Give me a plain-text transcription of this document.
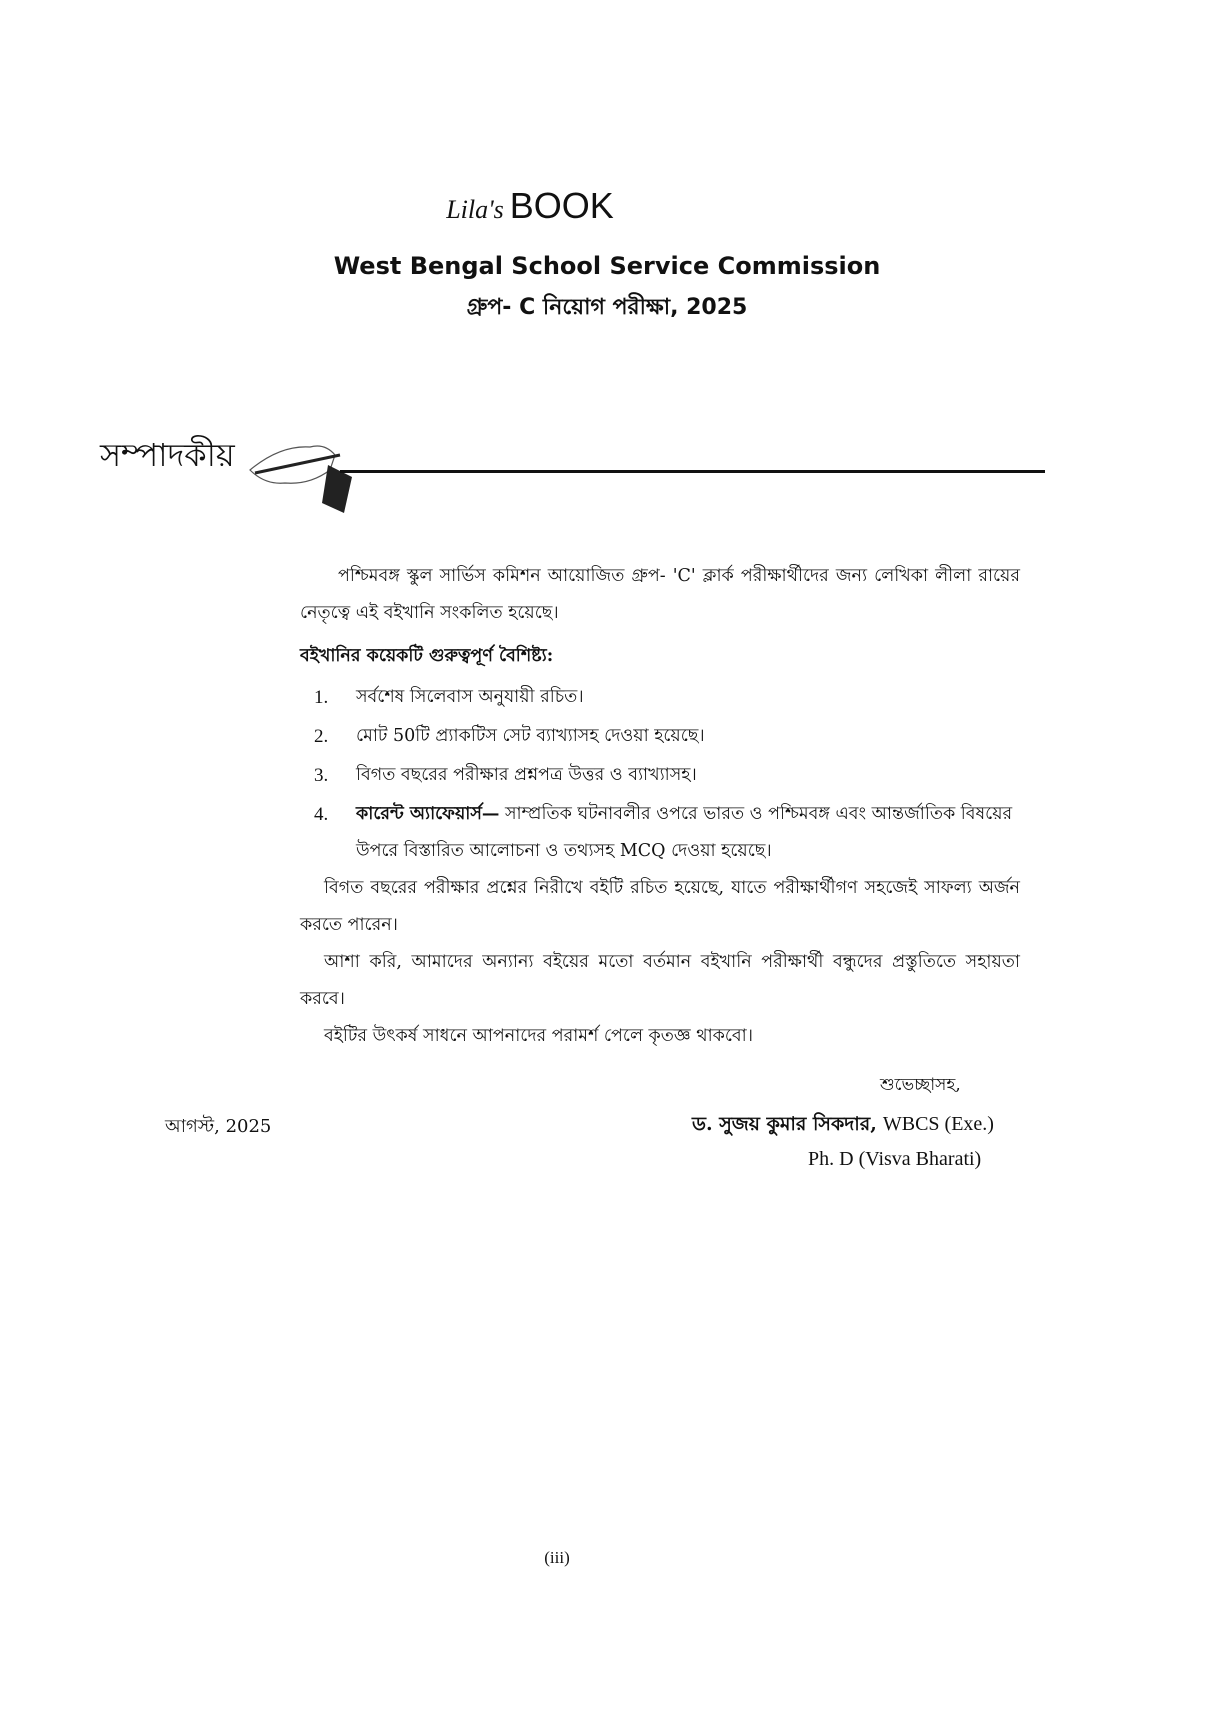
Lila's BOOK
West Bengal School Service Commission
গ্রুপ- C নিয়োগ পরীক্ষা, 2025
সম্পাদকীয়

পশ্চিমবঙ্গ স্কুল সার্ভিস কমিশন আয়োজিত গ্রুপ- 'C' ক্লার্ক পরীক্ষার্থীদের জন্য লেখিকা লীলা রায়ের নেতৃত্বে এই বইখানি সংকলিত হয়েছে।

বইখানির কয়েকটি গুরুত্বপূর্ণ বৈশিষ্ট্য:

1. সর্বশেষ সিলেবাস অনুযায়ী রচিত।
2. মোট 50টি প্র্যাকটিস সেট ব্যাখ্যাসহ দেওয়া হয়েছে।
3. বিগত বছরের পরীক্ষার প্রশ্নপত্র উত্তর ও ব্যাখ্যাসহ।
4. কারেন্ট অ্যাফেয়ার্স— সাম্প্রতিক ঘটনাবলীর ওপরে ভারত ও পশ্চিমবঙ্গ এবং আন্তর্জাতিক বিষয়ের উপরে বিস্তারিত আলোচনা ও তথ্যসহ MCQ দেওয়া হয়েছে।

বিগত বছরের পরীক্ষার প্রশ্নের নিরীখে বইটি রচিত হয়েছে, যাতে পরীক্ষার্থীগণ সহজেই সাফল্য অর্জন করতে পারেন।

আশা করি, আমাদের অন্যান্য বইয়ের মতো বর্তমান বইখানি পরীক্ষার্থী বন্ধুদের প্রস্তুতিতে সহায়তা করবে।

বইটির উৎকর্ষ সাধনে আপনাদের পরামর্শ পেলে কৃতজ্ঞ থাকবো।

শুভেচ্ছাসহ,
আগস্ট, 2025	ড. সুজয় কুমার সিকদার, WBCS (Exe.)
Ph. D (Visva Bharati)
(iii)
